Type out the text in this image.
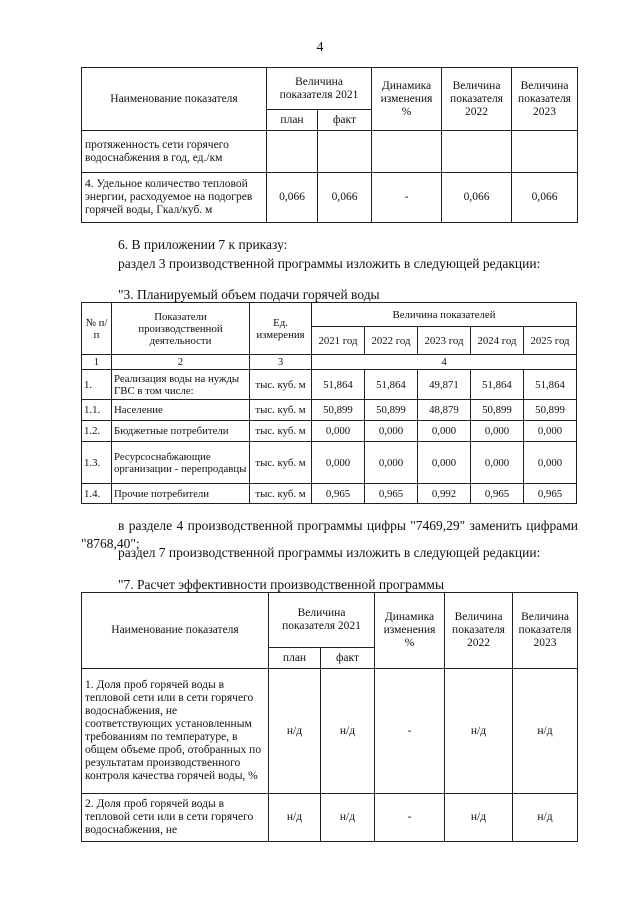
4
Наименование показателя	Величина показателя 2021		Динамика изменения %	Величина показателя 2022	Величина показателя 2023
	план	факт			
протяженность сети горячего водоснабжения в год, ед./км					
4. Удельное количество тепловой энергии, расходуемое на подогрев горячей воды, Гкал/куб. м	0,066	0,066	-	0,066	0,066
6. В приложении 7 к приказу:
раздел 3 производственной программы изложить в следующей редакции:
"3. Планируемый объем подачи горячей воды
№ п/п	Показатели производственной деятельности	Ед. измерения	Величина показателей				
			2021 год	2022 год	2023 год	2024 год	2025 год
1	2	3	4				
1.	Реализация воды на нужды ГВС в том числе:	тыс. куб. м	51,864	51,864	49,871	51,864	51,864
1.1.	Население	тыс. куб. м	50,899	50,899	48,879	50,899	50,899
1.2.	Бюджетные потребители	тыс. куб. м	0,000	0,000	0,000	0,000	0,000
1.3.	Ресурсоснабжающие организации - перепродавцы	тыс. куб. м	0,000	0,000	0,000	0,000	0,000
1.4.	Прочие потребители	тыс. куб. м	0,965	0,965	0,992	0,965	0,965
в разделе 4 производственной программы цифры "7469,29" заменить цифрами
"8768,40";
раздел 7 производственной программы изложить в следующей редакции:
"7. Расчет эффективности производственной программы
Наименование показателя	Величина показателя 2021		Динамика изменения %	Величина показателя 2022	Величина показателя 2023
	план	факт			
1. Доля проб горячей воды в тепловой сети или в сети горячего водоснабжения, не соответствующих установленным требованиям по температуре, в общем объеме проб, отобранных по результатам производственного контроля качества горячей воды, %	н/д	н/д	-	н/д	н/д
2. Доля проб горячей воды в тепловой сети или в сети горячего водоснабжения, не	н/д	н/д	-	н/д	н/д
